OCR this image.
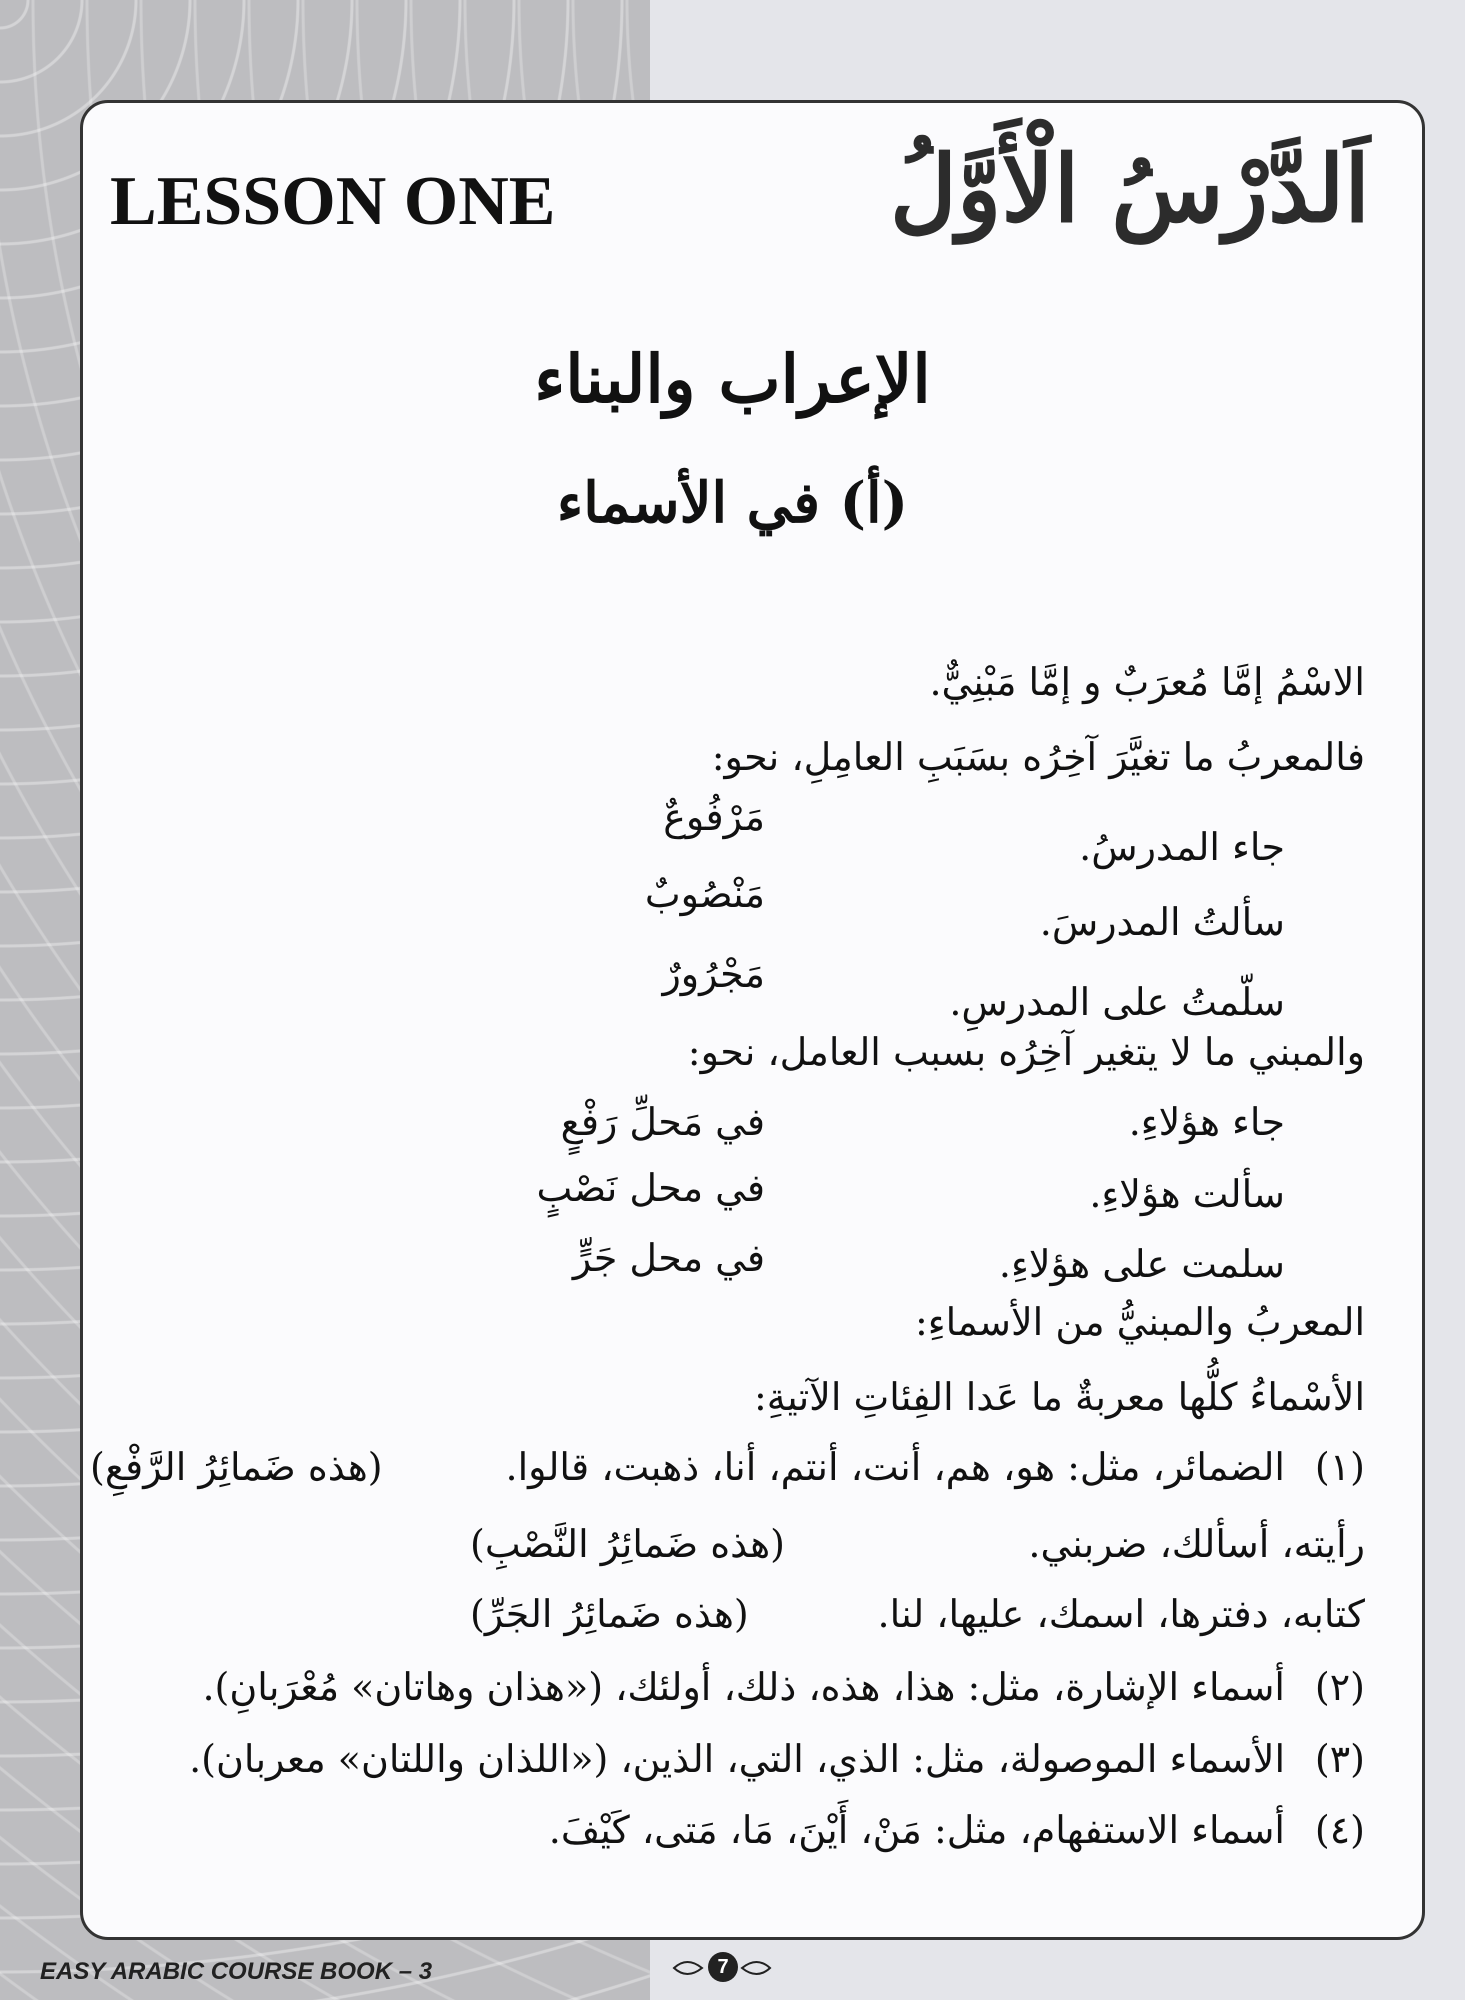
LESSON ONE	اَلدَّرْسُ الْأَوَّلُ
الإعراب والبناء
(أ) في الأسماء
الاسْمُ إمَّا مُعرَبٌ و إمَّا مَبْنِيٌّ.
فالمعربُ ما تغيَّرَ آخِرُه بسَبَبِ العامِلِ، نحو:
جاء المدرسُ.
مَرْفُوعٌ
سألتُ المدرسَ.
مَنْصُوبٌ
سلّمتُ على المدرسِ.
مَجْرُورٌ
والمبني ما لا يتغير آخِرُه بسبب العامل، نحو:
جاء هؤلاءِ.
في مَحلِّ رَفْعٍ
سألت هؤلاءِ.
في محل نَصْبٍ
سلمت على هؤلاءِ.
في محل جَرٍّ
المعربُ والمبنيُّ من الأسماءِ:
الأسْماءُ كلُّها معربةٌ ما عَدا الفِئاتِ الآتيةِ:
(١)
الضمائر، مثل: هو، هم، أنت، أنتم، أنا، ذهبت، قالوا.
(هذه ضَمائِرُ الرَّفْعِ)
رأيته، أسألك، ضربني.
(هذه ضَمائِرُ النَّصْبِ)
كتابه، دفترها، اسمك، عليها، لنا.
(هذه ضَمائِرُ الجَرِّ)
(٢)
أسماء الإشارة، مثل: هذا، هذه، ذلك، أولئك، («هذان وهاتان» مُعْرَبانِ).
(٣)
الأسماء الموصولة، مثل: الذي، التي، الذين، («اللذان واللتان» معربان).
(٤)
أسماء الاستفهام، مثل: مَنْ، أَيْنَ، مَا، مَتى، كَيْفَ.
EASY ARABIC COURSE BOOK – 3	7
